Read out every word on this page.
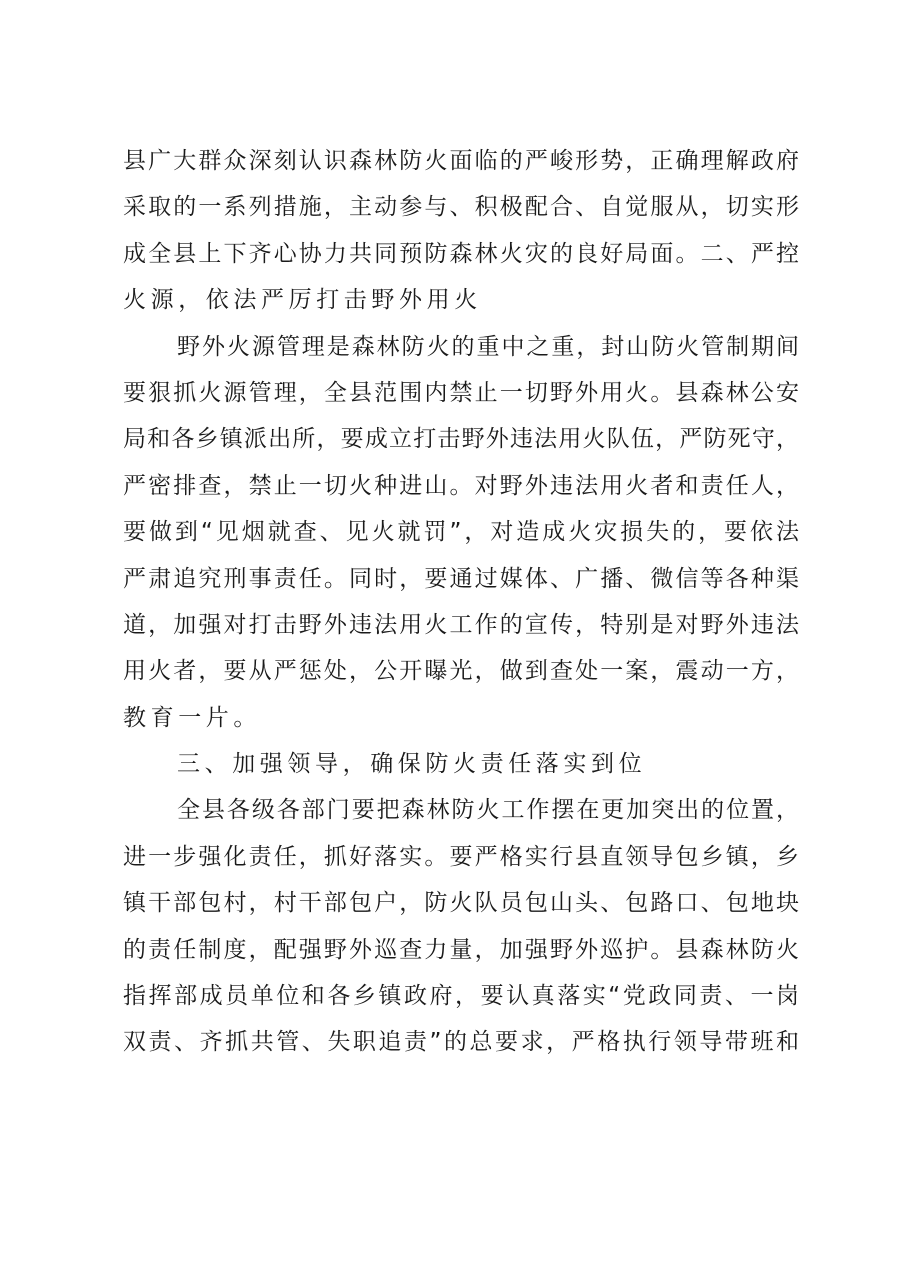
县广大群众深刻认识森林防火面临的严峻形势，正确理解政府
采取的一系列措施，主动参与、积极配合、自觉服从，切实形
成全县上下齐心协力共同预防森林火灾的良好局面。二、严控
火源，依法严厉打击野外用火
野外火源管理是森林防火的重中之重，封山防火管制期间
要狠抓火源管理，全县范围内禁止一切野外用火。县森林公安
局和各乡镇派出所，要成立打击野外违法用火队伍，严防死守，
严密排查，禁止一切火种进山。对野外违法用火者和责任人，
要做到“见烟就查、见火就罚”，对造成火灾损失的，要依法
严肃追究刑事责任。同时，要通过媒体、广播、微信等各种渠
道，加强对打击野外违法用火工作的宣传，特别是对野外违法
用火者，要从严惩处，公开曝光，做到查处一案，震动一方，
教育一片。
三、加强领导，确保防火责任落实到位
全县各级各部门要把森林防火工作摆在更加突出的位置，
进一步强化责任，抓好落实。要严格实行县直领导包乡镇，乡
镇干部包村，村干部包户，防火队员包山头、包路口、包地块
的责任制度，配强野外巡查力量，加强野外巡护。县森林防火
指挥部成员单位和各乡镇政府，要认真落实“党政同责、一岗
双责、齐抓共管、失职追责”的总要求，严格执行领导带班和
